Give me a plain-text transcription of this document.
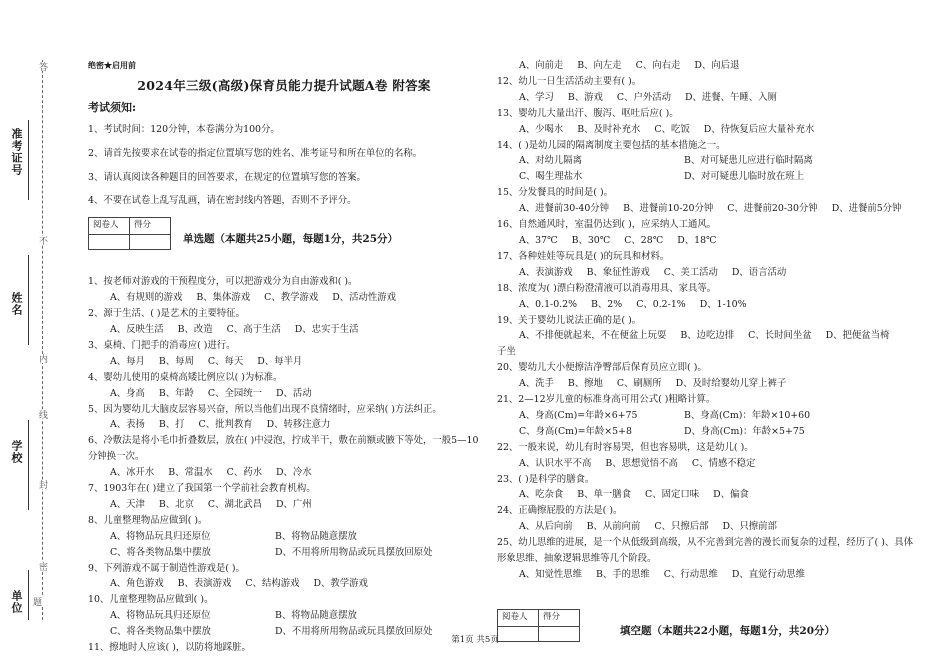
答
准考证号
不
姓名
内
线
学校
封
密
单位 题
绝密★启用前
2024年三级(高级)保育员能力提升试题A卷 附答案
考试须知:
1、考试时间：120分钟，本卷满分为100分。
2、请首先按要求在试卷的指定位置填写您的姓名、准考证号和所在单位的名称。
3、请认真阅读各种题目的回答要求，在规定的位置填写您的答案。
4、不要在试卷上乱写乱画，请在密封线内答题，否则不予评分。
阅卷人	得分

单选题（本题共25小题，每题1分，共25分）
1、按老师对游戏的干预程度分，可以把游戏分为自由游戏和( )。
A、有规则的游戏 B、集体游戏 C、教学游戏 D、活动性游戏
2、源于生活、( )是艺术的主要特征。
A、反映生活 B、改造 C、高于生活 D、忠实于生活
3、桌椅、门把手的消毒应( )进行。
A、每月 B、每周 C、每天 D、每半月
4、婴幼儿使用的桌椅高矮比例应以( )为标准。
A、身高 B、年龄 C、全园统一 D、活动
5、因为婴幼儿大脑皮层容易兴奋，所以当他们出现不良情绪时，应采纳( )方法纠正。
A、表扬 B、打 C、批判教育 D、转移注意力
6、冷敷法是将小毛巾折叠数层，放在( )中浸泡，拧成半干，敷在前额或腋下等处，一般5—10分钟换一次。
A、冰开水 B、常温水 C、药水 D、冷水
7、1903年在( )建立了我国第一个学前社会教育机构。
A、天津 B、北京 C、湖北武昌 D、广州
8、儿童整理物品应做到( )。
A、将物品玩具归还原位	B、将物品随意摆放
C、将各类物品集中摆放	D、不用将所用物品或玩具摆放回原处
9、下列游戏不属于制造性游戏是( )。
A、角色游戏 B、表演游戏 C、结构游戏 D、教学游戏
10、儿童整理物品应做到( )。
A、将物品玩具归还原位	B、将物品随意摆放
C、将各类物品集中摆放	D、不用将所用物品或玩具摆放回原处
11、擦地时人应该( )，以防将地踩脏。
A、向前走 B、向左走 C、向右走 D、向后退
12、幼儿一日生活活动主要有( )。
A、学习 B、游戏 C、户外活动 D、进餐、午睡、入厕
13、婴幼儿大量出汗、腹泻、呕吐后应( )。
A、少喝水 B、及时补充水 C、吃饭 D、待恢复后应大量补充水
14、( )是幼儿园的隔离制度主要包括的基本措施之一。
A、对幼儿隔离	B、对可疑患儿应进行临时隔离
C、喝生理盐水	D、对可疑患儿临时放在班上
15、分发餐具的时间是( )。
A、进餐前30-40分钟 B、进餐前10-20分钟 C、进餐前20-30分钟 D、进餐前5分钟
16、自然通风时，室温仍达到( )，应采纳人工通风。
A、37℃ B、30℃ C、28℃ D、18℃
17、各种娃娃等玩具是( )的玩具和材料。
A、表演游戏 B、象征性游戏 C、美工活动 D、语言活动
18、浓度为( )漂白粉澄清液可以消毒用具、家具等。
A、0.1-0.2% B、2% C、0.2-1% D、1-10%
19、关于婴幼儿说法正确的是( )。
A、不排便就起来，不在便盆上玩耍 B、边吃边排 C、长时间坐盆 D、把便盆当椅
子坐
20、婴幼儿大小便擦洁净臀部后保育员应立即( )。
A、洗手 B、擦地 C、刷厕所 D、及时给婴幼儿穿上裤子
21、2—12岁儿童的标准身高可用公式( )粗略计算。
A、身高(Cm)=年龄×6+75	B、身高(Cm)：年龄×10+60
C、身高(Cm)=年龄×5+8	D、身高(Cm)：年龄×5+75
22、一般来说，幼儿有时容易哭，但也容易哄，这是幼儿( )。
A、认识水平不高 B、思想觉悟不高 C、情感不稳定
23、( )是科学的膳食。
A、吃杂食 B、单一膳食 C、固定口味 D、偏食
24、正确擦屁股的方法是( )。
A、从后向前 B、从前向前 C、只擦后部 D、只擦前部
25、幼儿思维的进展，是一个从低级到高级，从不完善到完善的漫长而复杂的过程，经历了( )、具体形象思维、抽象逻辑思维等几个阶段。
A、知觉性思维 B、手的思维 C、行动思维 D、直觉行动思维
阅卷人	得分

填空题（本题共22小题，每题1分，共20分）
第1页 共5页
